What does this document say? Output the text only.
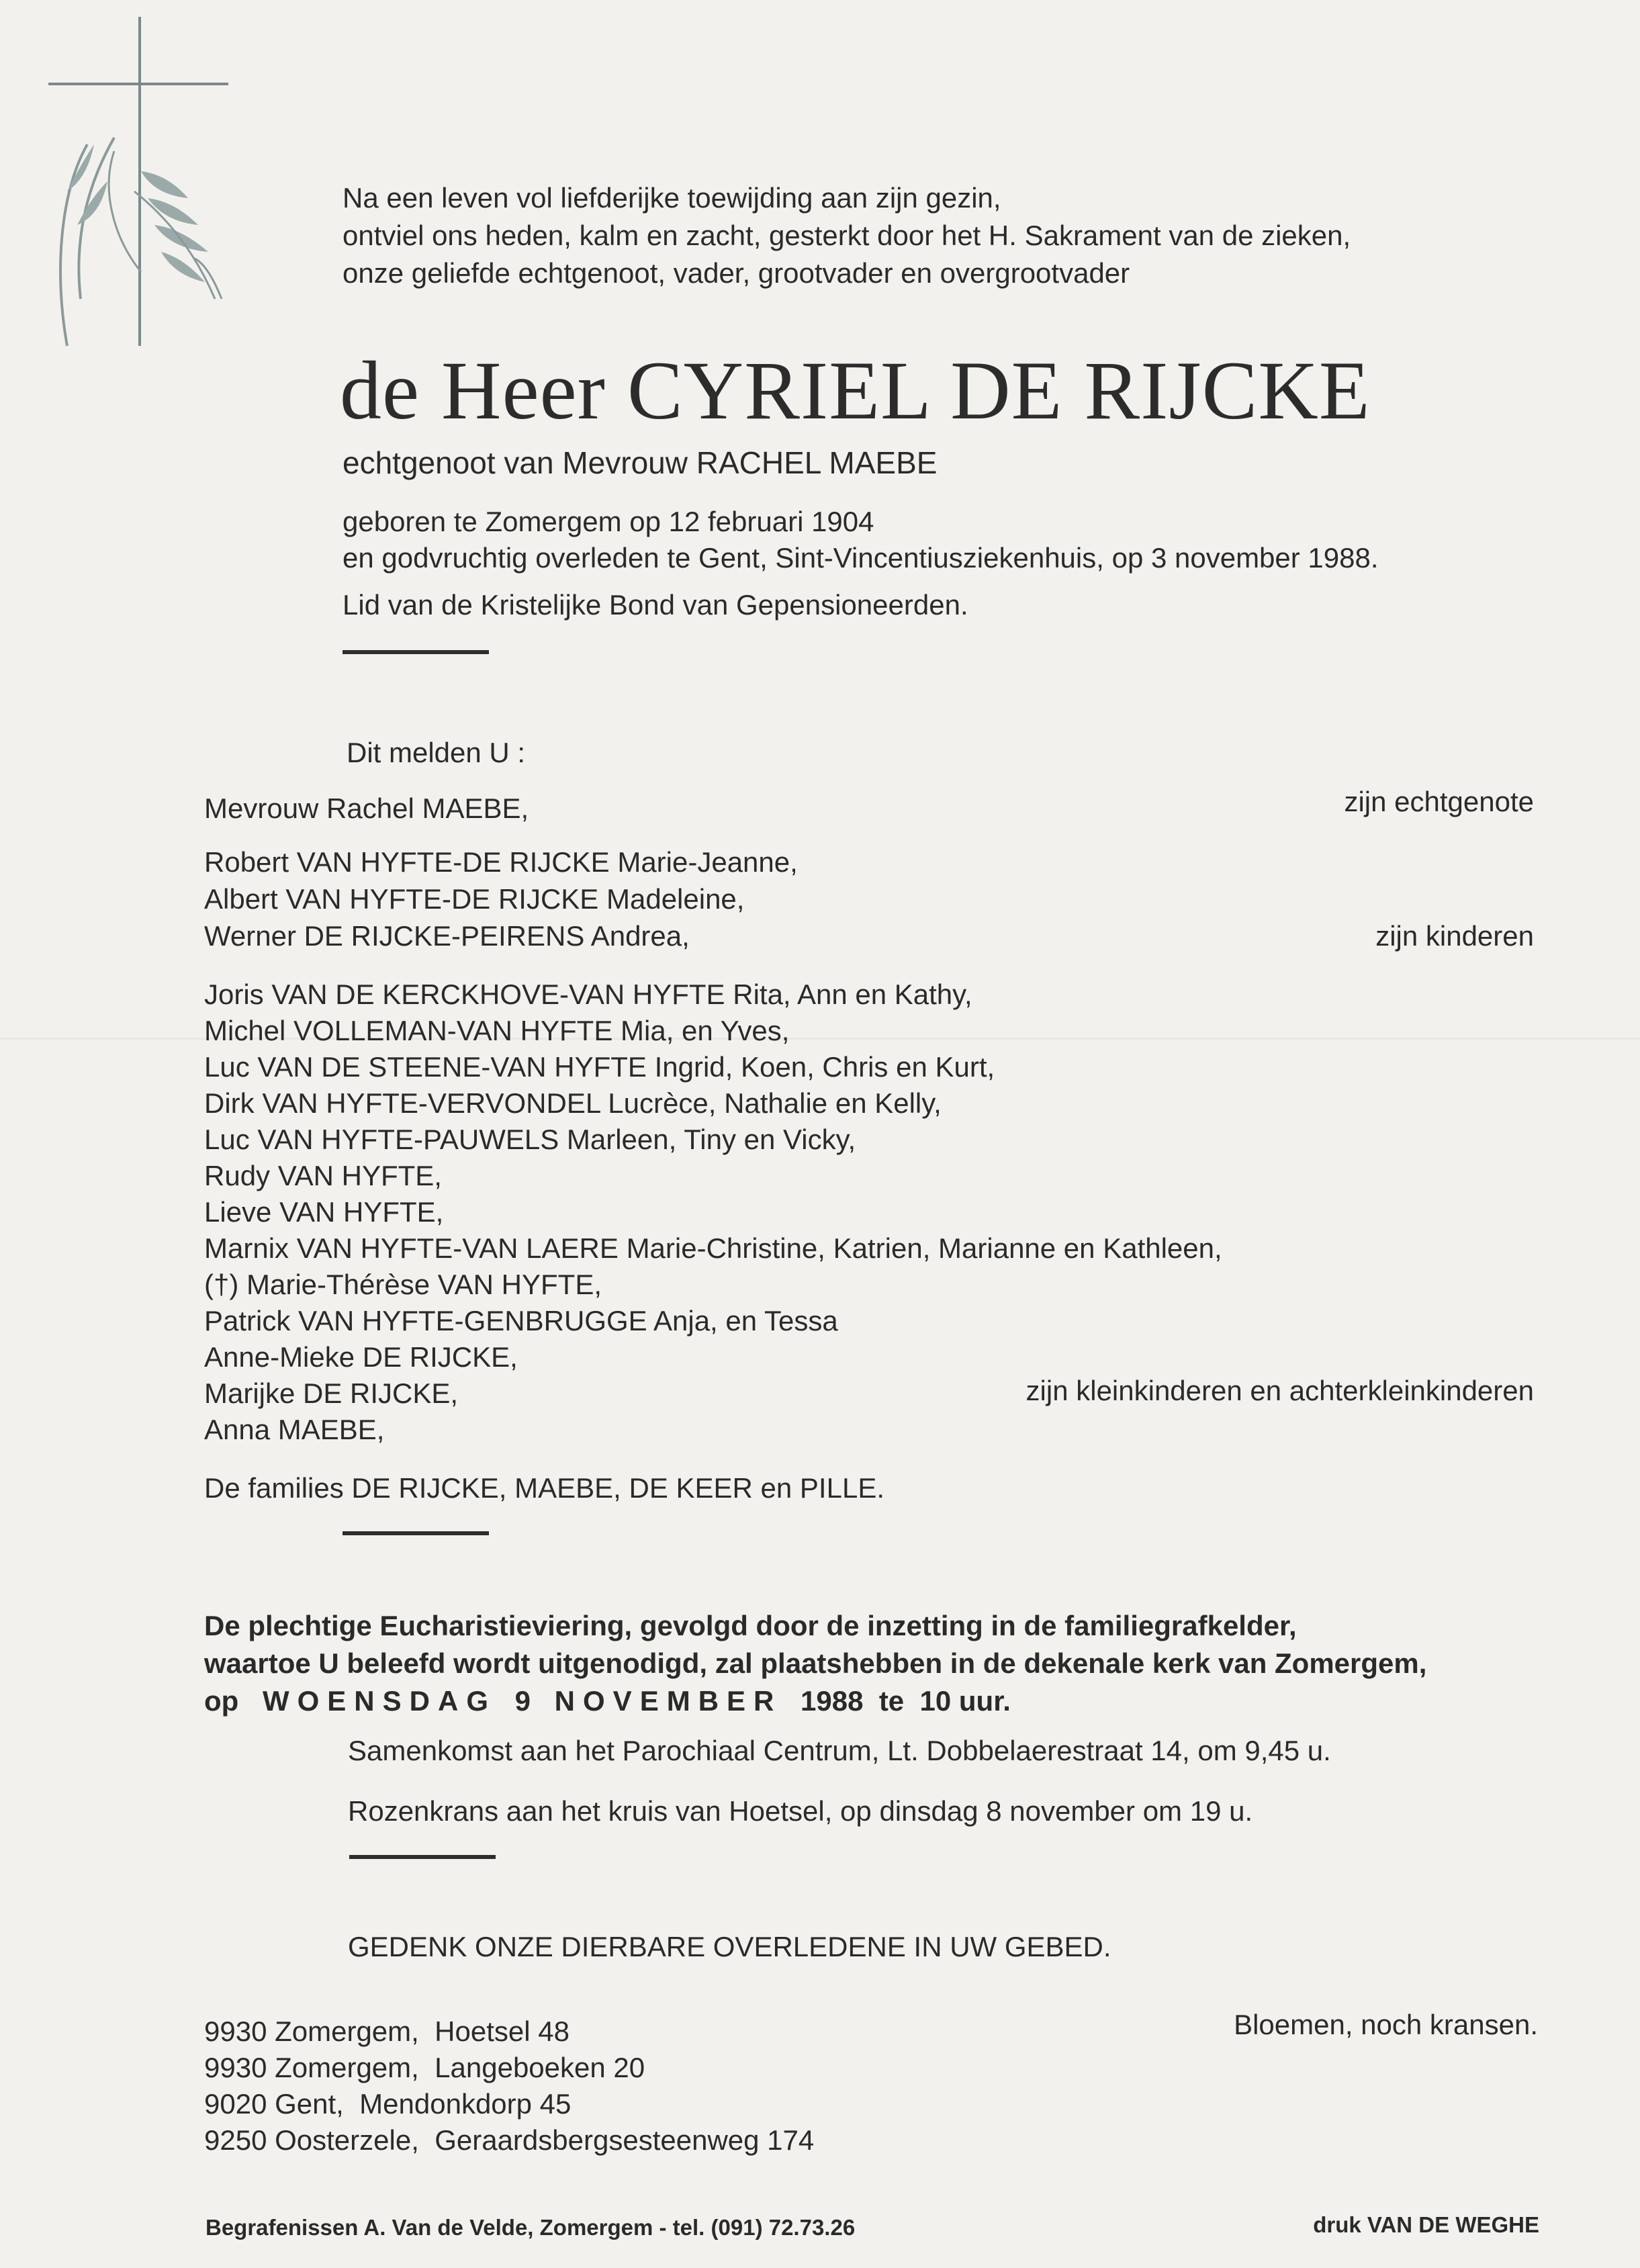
Na een leven vol liefderijke toewijding aan zijn gezin,
ontviel ons heden, kalm en zacht, gesterkt door het H. Sakrament van de zieken,
onze geliefde echtgenoot, vader, grootvader en overgrootvader
de Heer CYRIEL DE RIJCKE
echtgenoot van Mevrouw RACHEL MAEBE
geboren te Zomergem op 12 februari 1904
en godvruchtig overleden te Gent, Sint-Vincentiusziekenhuis, op 3 november 1988.
Lid van de Kristelijke Bond van Gepensioneerden.
Dit melden U :
Mevrouw Rachel MAEBE,	zijn echtgenote
Robert VAN HYFTE-DE RIJCKE Marie-Jeanne,
Albert VAN HYFTE-DE RIJCKE Madeleine,
Werner DE RIJCKE-PEIRENS Andrea,	zijn kinderen
Joris VAN DE KERCKHOVE-VAN HYFTE Rita, Ann en Kathy,
Michel VOLLEMAN-VAN HYFTE Mia, en Yves,
Luc VAN DE STEENE-VAN HYFTE Ingrid, Koen, Chris en Kurt,
Dirk VAN HYFTE-VERVONDEL Lucrèce, Nathalie en Kelly,
Luc VAN HYFTE-PAUWELS Marleen, Tiny en Vicky,
Rudy VAN HYFTE,
Lieve VAN HYFTE,
Marnix VAN HYFTE-VAN LAERE Marie-Christine, Katrien, Marianne en Kathleen,
(†) Marie-Thérèse VAN HYFTE,
Patrick VAN HYFTE-GENBRUGGE Anja, en Tessa
Anne-Mieke DE RIJCKE,
Marijke DE RIJCKE,
Anna MAEBE,
zijn kleinkinderen en achterkleinkinderen
De families DE RIJCKE, MAEBE, DE KEER en PILLE.
De plechtige Eucharistieviering, gevolgd door de inzetting in de familiegrafkelder,
waartoe U beleefd wordt uitgenodigd, zal plaatshebben in de dekenale kerk van Zomergem,
op WOENSDAG 9 NOVEMBER 1988  te  10 uur.
Samenkomst aan het Parochiaal Centrum, Lt. Dobbelaerestraat 14, om 9,45 u.
Rozenkrans aan het kruis van Hoetsel, op dinsdag 8 november om 19 u.
GEDENK ONZE DIERBARE OVERLEDENE IN UW GEBED.
9930 Zomergem,  Hoetsel 48
9930 Zomergem,  Langeboeken 20
9020 Gent,  Mendonkdorp 45
9250 Oosterzele,  Geraardsbergsesteenweg 174
Bloemen, noch kransen.
Begrafenissen A. Van de Velde, Zomergem - tel. (091) 72.73.26	druk VAN DE WEGHE
